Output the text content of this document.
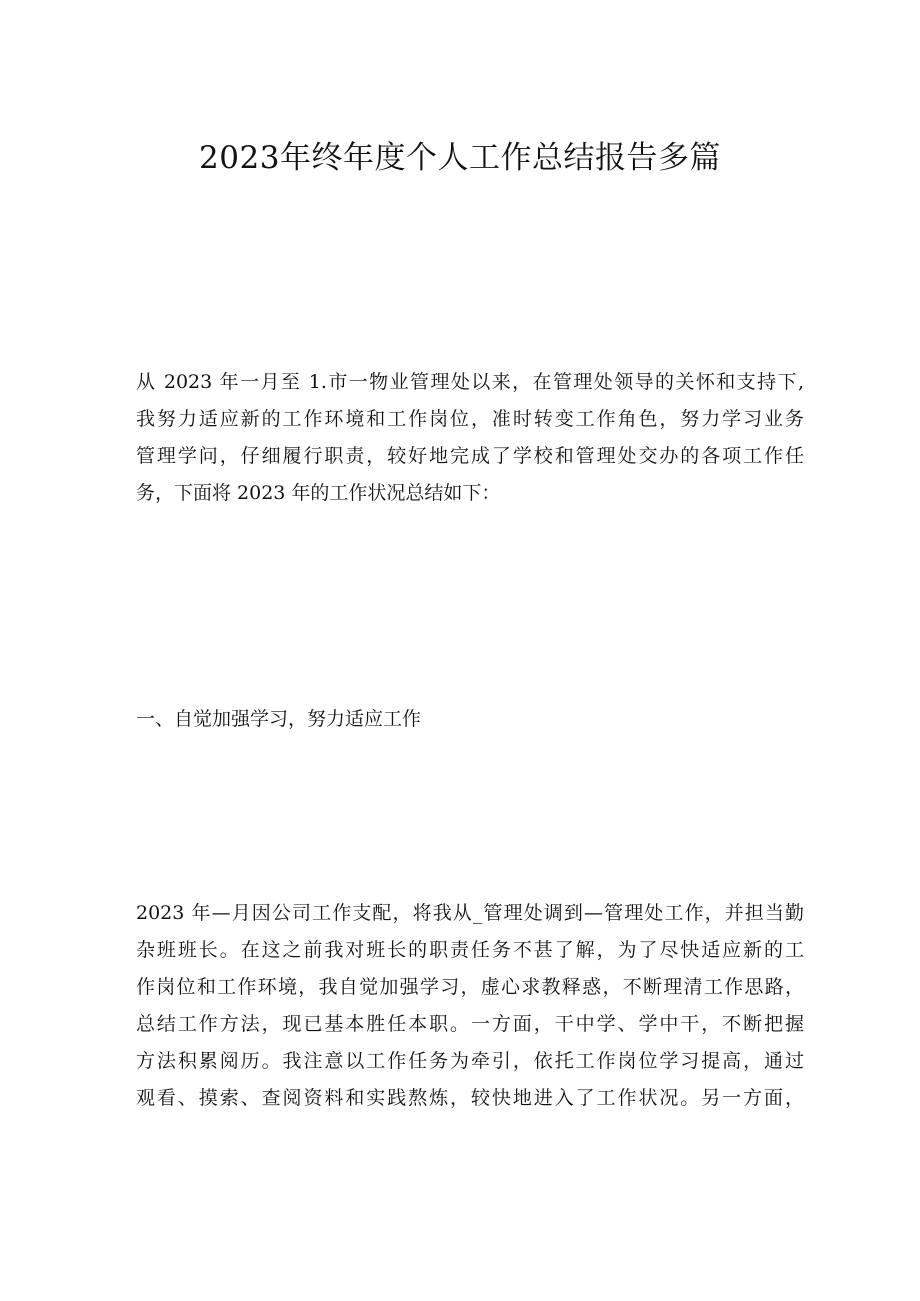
2023年终年度个人工作总结报告多篇

从 2023 年一月至 1.市一物业管理处以来，在管理处领导的关怀和支持下,
我努力适应新的工作环境和工作岗位，准时转变工作角色，努力学习业务
管理学问，仔细履行职责，较好地完成了学校和管理处交办的各项工作任
务，下面将 2023 年的工作状况总结如下：

一、自觉加强学习，努力适应工作

2023 年—月因公司工作支配，将我从_管理处调到—管理处工作，并担当勤
杂班班长。在这之前我对班长的职责任务不甚了解，为了尽快适应新的工
作岗位和工作环境，我自觉加强学习，虚心求教释惑，不断理清工作思路，
总结工作方法，现已基本胜任本职。一方面，干中学、学中干，不断把握
方法积累阅历。我注意以工作任务为牵引，依托工作岗位学习提高，通过
观看、摸索、查阅资料和实践熬炼，较快地进入了工作状况。另一方面，
